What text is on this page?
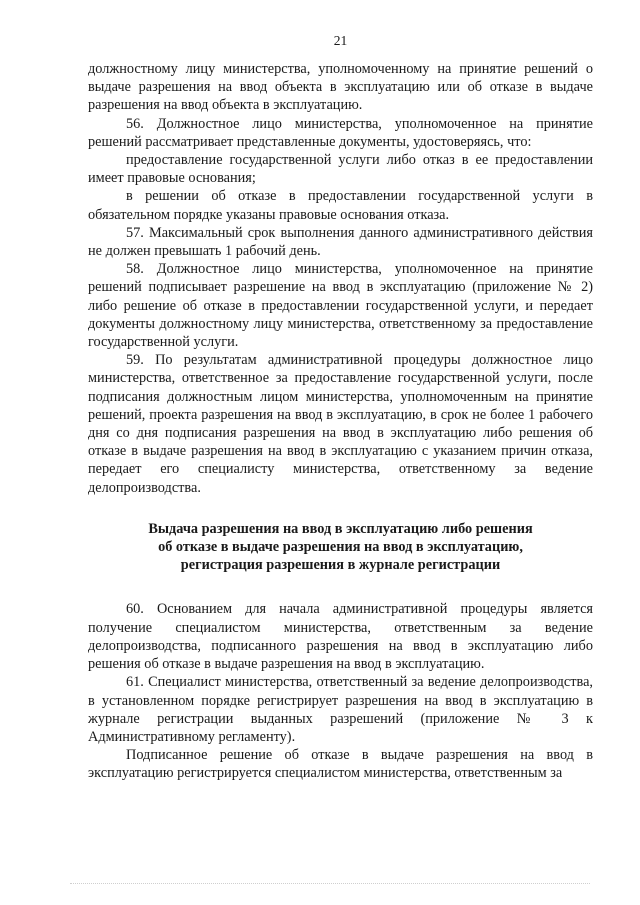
21

должностному лицу министерства, уполномоченному на принятие решений о выдаче разрешения на ввод объекта в эксплуатацию или об отказе в выдаче разрешения на ввод объекта в эксплуатацию.

56. Должностное лицо министерства, уполномоченное на принятие решений рассматривает представленные документы, удостоверяясь, что:

предоставление государственной услуги либо отказ в ее предоставлении имеет правовые основания;

в решении об отказе в предоставлении государственной услуги в обязательном порядке указаны правовые основания отказа.

57. Максимальный срок выполнения данного административного действия не должен превышать 1 рабочий день.

58. Должностное лицо министерства, уполномоченное на принятие решений подписывает разрешение на ввод в эксплуатацию (приложение № 2) либо решение об отказе в предоставлении государственной услуги, и передает документы должностному лицу министерства, ответственному за предоставление государственной услуги.

59. По результатам административной процедуры должностное лицо министерства, ответственное за предоставление государственной услуги, после подписания должностным лицом министерства, уполномоченным на принятие решений, проекта разрешения на ввод в эксплуатацию, в срок не более 1 рабочего дня со дня подписания разрешения на ввод в эксплуатацию либо решения об отказе в выдаче разрешения на ввод в эксплуатацию с указанием причин отказа, передает его специалисту министерства, ответственному за ведение делопроизводства.

Выдача разрешения на ввод в эксплуатацию либо решения
об отказе в выдаче разрешения на ввод в эксплуатацию,
регистрация разрешения в журнале регистрации

60. Основанием для начала административной процедуры является получение специалистом министерства, ответственным за ведение делопроизводства, подписанного разрешения на ввод в эксплуатацию либо решения об отказе в выдаче разрешения на ввод в эксплуатацию.

61. Специалист министерства, ответственный за ведение делопроизводства, в установленном порядке регистрирует разрешения на ввод в эксплуатацию в журнале регистрации выданных разрешений (приложение № 3 к Административному регламенту).

Подписанное решение об отказе в выдаче разрешения на ввод в эксплуатацию регистрируется специалистом министерства, ответственным за
